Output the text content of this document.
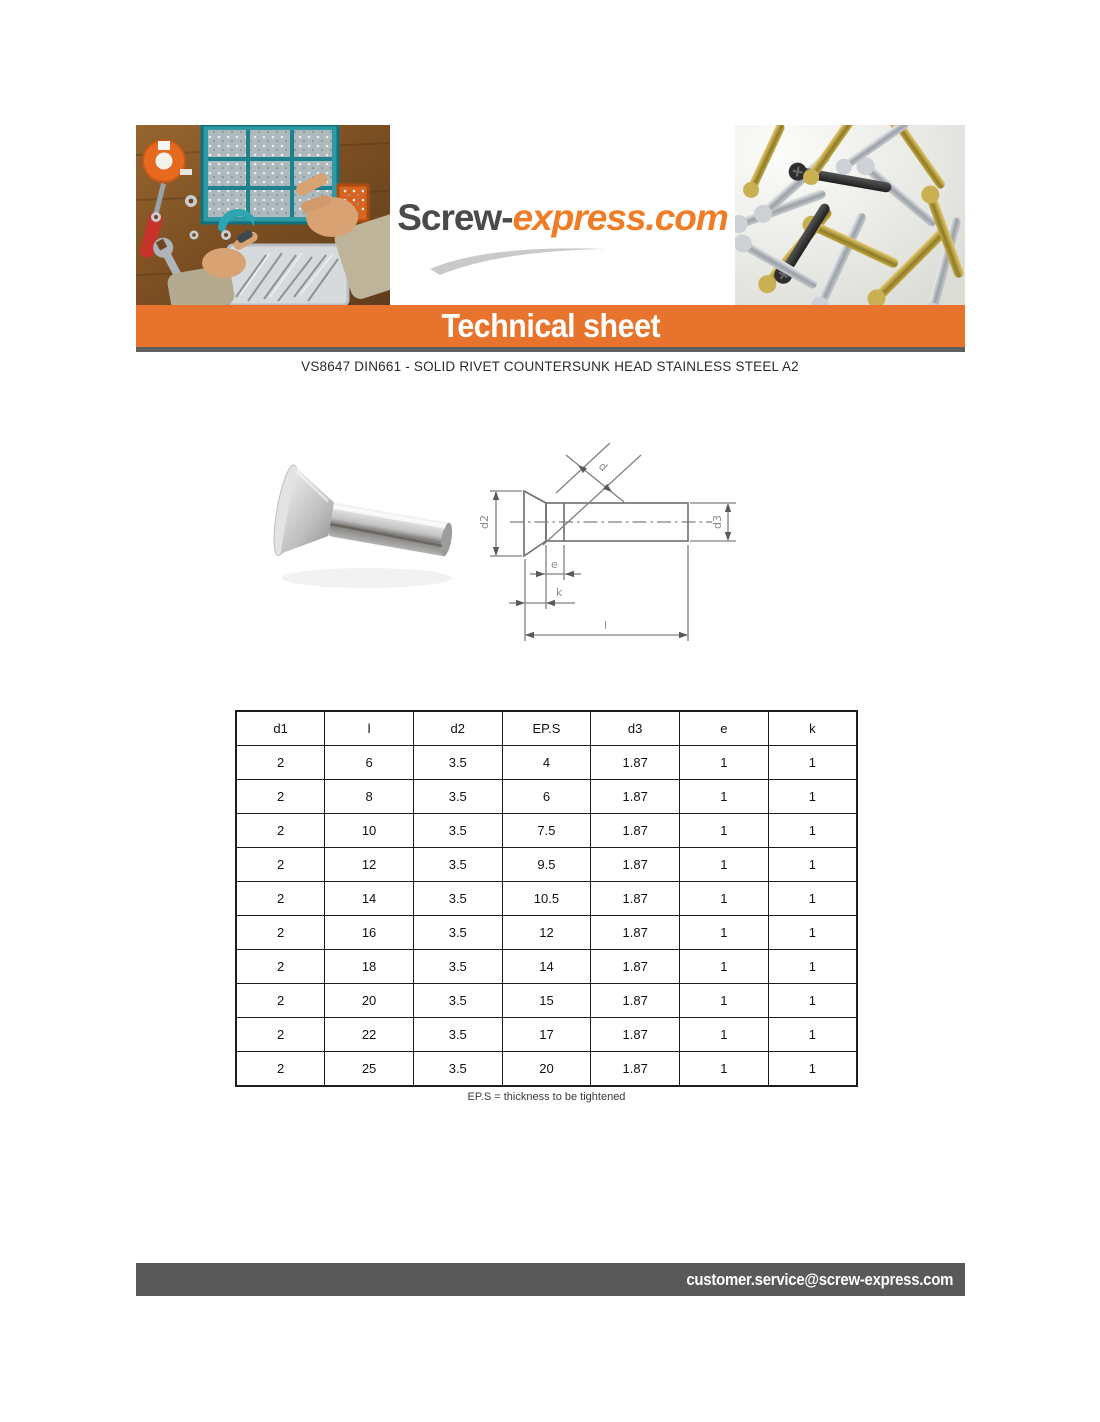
Screw-express.com
Technical sheet
VS8647 DIN661 - SOLID RIVET COUNTERSUNK HEAD STAINLESS STEEL A2
d2	d3
d
e
k
l
d1	l	d2	EP.S	d3	e	k
2	6	3.5	4	1.87	1	1
2	8	3.5	6	1.87	1	1
2	10	3.5	7.5	1.87	1	1
2	12	3.5	9.5	1.87	1	1
2	14	3.5	10.5	1.87	1	1
2	16	3.5	12	1.87	1	1
2	18	3.5	14	1.87	1	1
2	20	3.5	15	1.87	1	1
2	22	3.5	17	1.87	1	1
2	25	3.5	20	1.87	1	1
EP.S = thickness to be tightened
customer.service@screw-express.com
